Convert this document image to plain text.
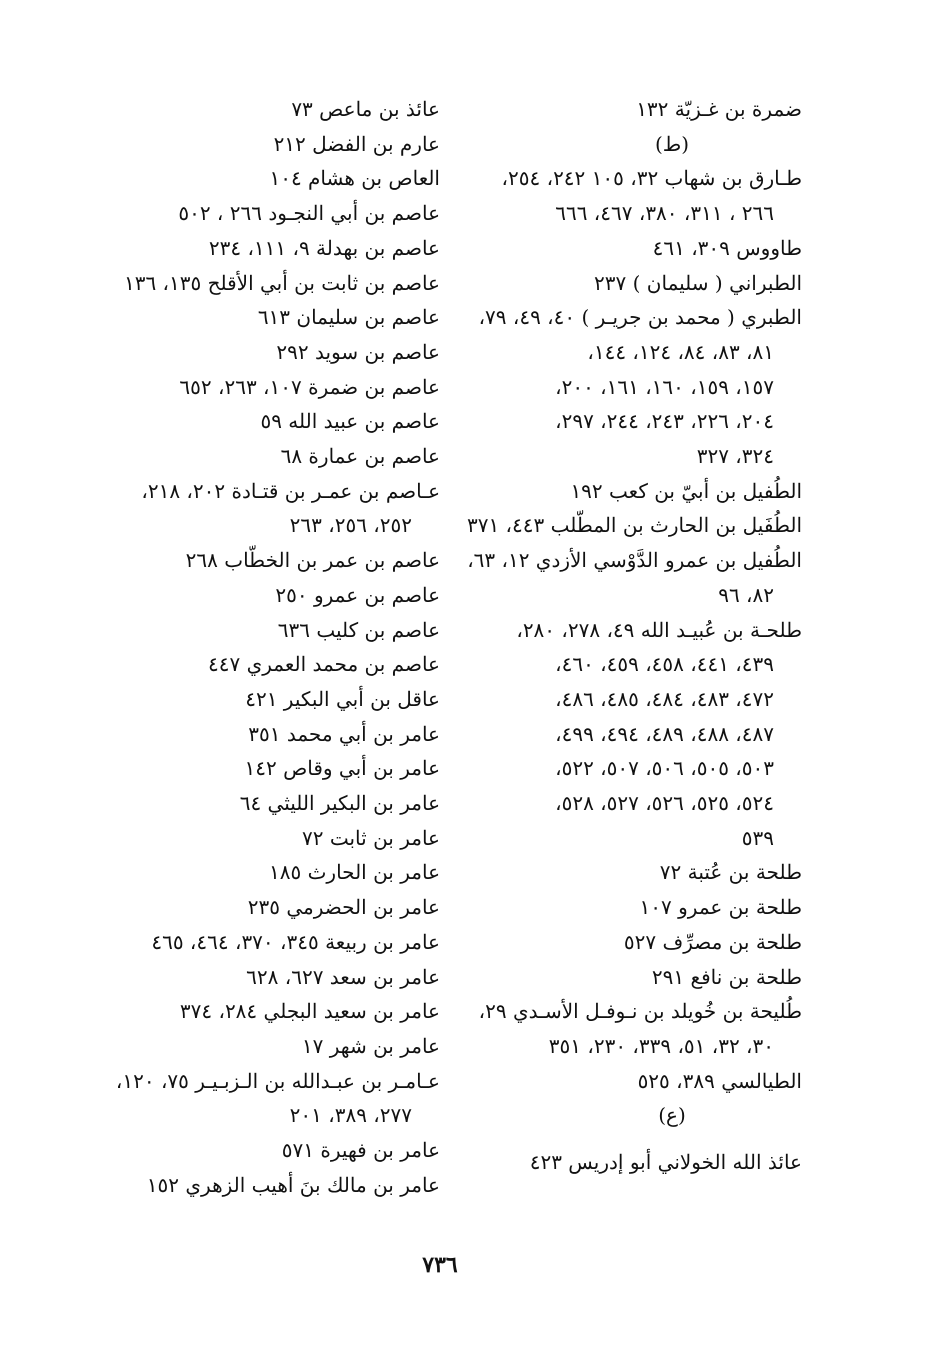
ضمرة بن غـزيّة ١٣٢
(ط)
طـارق بن شهاب ٣٢، ١٠٥ ٢٤٢، ٢٥٤،
٢٦٦ ، ٣١١، ٣٨٠، ٤٦٧، ٦٦٦
طاووس ٣٠٩، ٤٦١
الطبراني ( سليمان ) ٢٣٧
الطبري ( محمد بن جريـر ) ٤٠، ٤٩، ٧٩،
٨١، ٨٣، ٨٤، ١٢٤، ١٤٤،
١٥٧، ١٥٩، ١٦٠، ١٦١، ٢٠٠،
٢٠٤، ٢٢٦، ٢٤٣، ٢٤٤، ٢٩٧،
٣٢٤، ٣٢٧
الطُفيل بن أبيّ بن كعب ١٩٢
الطُفَيل بن الحارث بن المطّلب ٤٤٣، ٣٧١
الطُفيل بن عمرو الدَّوْسي الأزدي ١٢، ٦٣،
٨٢، ٩٦
طلحـة بن عُبيـد الله ٤٩، ٢٧٨، ٢٨٠،
٤٣٩، ٤٤١، ٤٥٨، ٤٥٩، ٤٦٠،
٤٧٢، ٤٨٣، ٤٨٤، ٤٨٥، ٤٨٦،
٤٨٧، ٤٨٨، ٤٨٩، ٤٩٤، ٤٩٩،
٥٠٣، ٥٠٥، ٥٠٦، ٥٠٧، ٥٢٢،
٥٢٤، ٥٢٥، ٥٢٦، ٥٢٧، ٥٢٨،
٥٣٩
طلحة بن عُتبة ٧٢
طلحة بن عمرو ١٠٧
طلحة بن مصرِّف ٥٢٧
طلحة بن نافع ٢٩١
طُليحة بن خُويلد بن نـوفـل الأسـدي ٢٩،
٣٠، ٣٢، ٥١، ٣٣٩، ٢٣٠، ٣٥١
الطيالسي ٣٨٩، ٥٢٥
(ع)
عائذ الله الخولاني أبو إدريس ٤٢٣
عائذ بن ماعص ٧٣
عارم بن الفضل ٢١٢
العاص بن هشام ١٠٤
عاصم بن أبي النجـود ٢٦٦ ، ٥٠٢
عاصم بن بهدلة ٩، ١١١، ٢٣٤
عاصم بن ثابت بن أبي الأقلح ١٣٥، ١٣٦
عاصم بن سليمان ٦١٣
عاصم بن سويد ٢٩٢
عاصم بن ضمرة ١٠٧، ٢٦٣، ٦٥٢
عاصم بن عبيد الله ٥٩
عاصم بن عمارة ٦٨
عـاصم بن عمـر بن قتـادة ٢٠٢، ٢١٨،
٢٥٢، ٢٥٦، ٢٦٣
عاصم بن عمر بن الخطّاب ٢٦٨
عاصم بن عمرو ٢٥٠
عاصم بن كليب ٦٣٦
عاصم بن محمد العمري ٤٤٧
عاقل بن أبي البكير ٤٢١
عامر بن أبي محمد ٣٥١
عامر بن أبي وقاص ١٤٢
عامر بن البكير الليثي ٦٤
عامر بن ثابت ٧٢
عامر بن الحارث ١٨٥
عامر بن الحضرمي ٢٣٥
عامر بن ربيعة ٣٤٥، ٣٧٠، ٤٦٤، ٤٦٥
عامر بن سعد ٦٢٧، ٦٢٨
عامر بن سعيد البجلي ٢٨٤، ٣٧٤
عامر بن شهر ١٧
عـامـر بن عبـدالله بن الـزبـيـر ٧٥، ١٢٠،
٢٧٧، ٣٨٩، ٢٠١
عامر بن فهيرة ٥٧١
عامر بن مالك بنَ أهيب الزهري ١٥٢
٧٣٦
